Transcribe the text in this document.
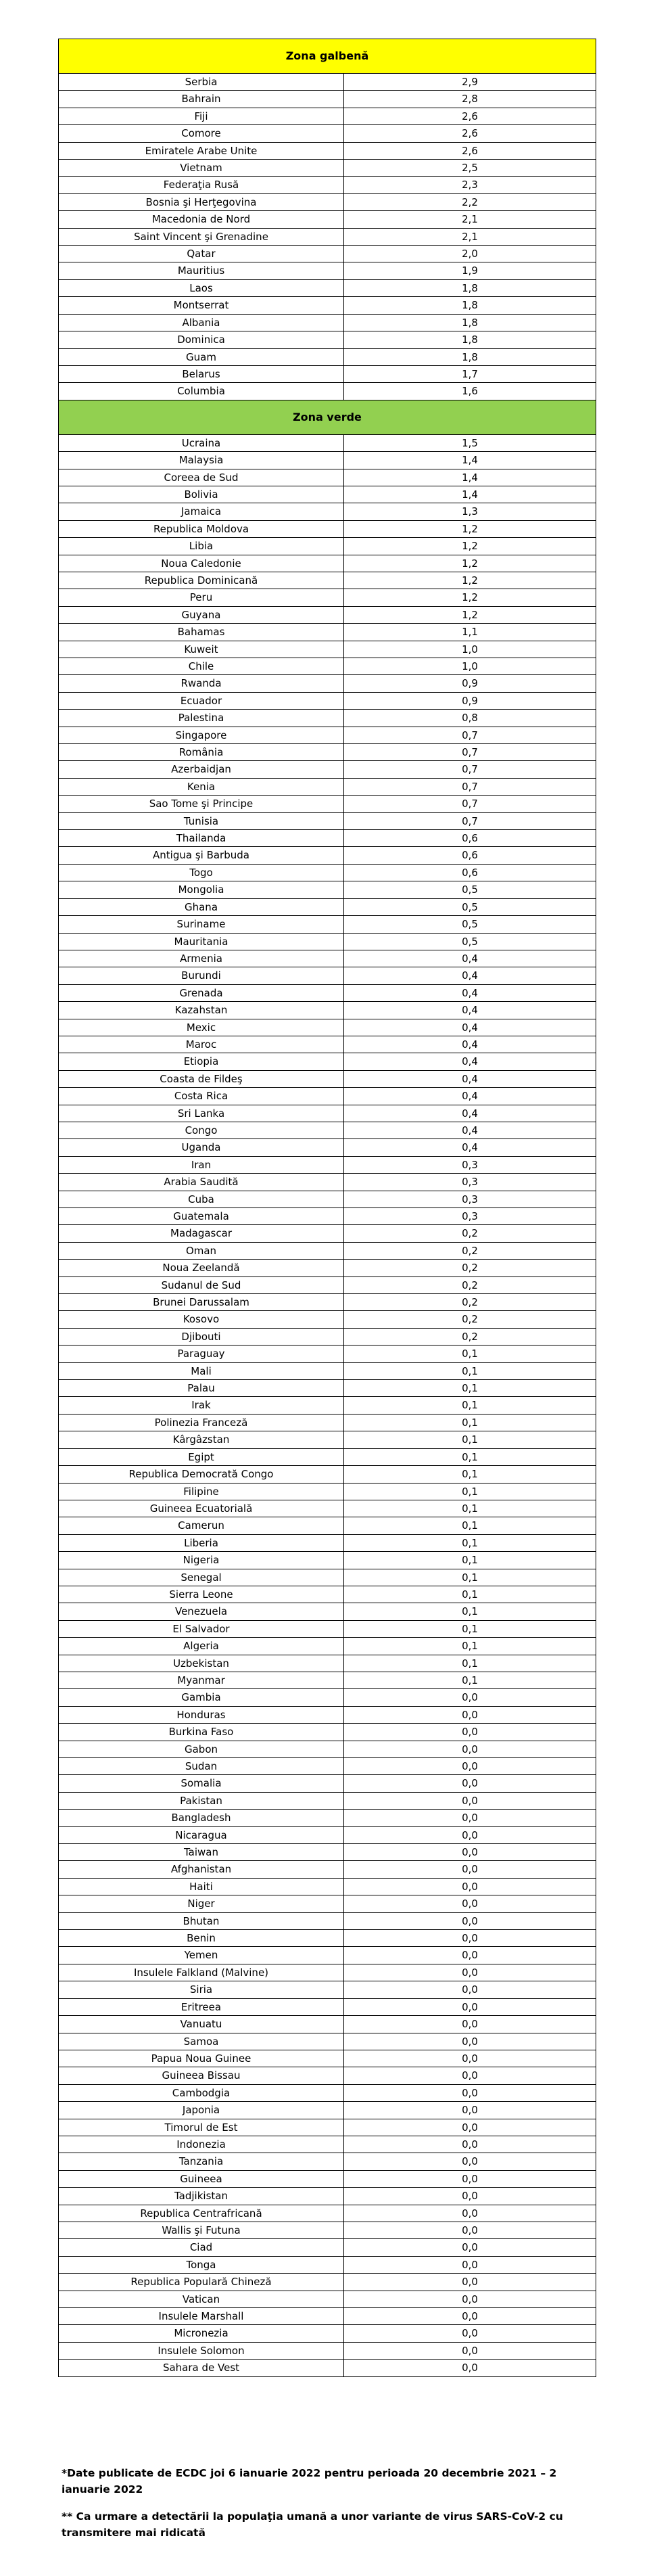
Zona galbenă	
Serbia	2,9
Bahrain	2,8
Fiji	2,6
Comore	2,6
Emiratele Arabe Unite	2,6
Vietnam	2,5
Federaţia Rusă	2,3
Bosnia şi Herţegovina	2,2
Macedonia de Nord	2,1
Saint Vincent şi Grenadine	2,1
Qatar	2,0
Mauritius	1,9
Laos	1,8
Montserrat	1,8
Albania	1,8
Dominica	1,8
Guam	1,8
Belarus	1,7
Columbia	1,6
Zona verde	
Ucraina	1,5
Malaysia	1,4
Coreea de Sud	1,4
Bolivia	1,4
Jamaica	1,3
Republica Moldova	1,2
Libia	1,2
Noua Caledonie	1,2
Republica Dominicană	1,2
Peru	1,2
Guyana	1,2
Bahamas	1,1
Kuweit	1,0
Chile	1,0
Rwanda	0,9
Ecuador	0,9
Palestina	0,8
Singapore	0,7
România	0,7
Azerbaidjan	0,7
Kenia	0,7
Sao Tome şi Principe	0,7
Tunisia	0,7
Thailanda	0,6
Antigua şi Barbuda	0,6
Togo	0,6
Mongolia	0,5
Ghana	0,5
Suriname	0,5
Mauritania	0,5
Armenia	0,4
Burundi	0,4
Grenada	0,4
Kazahstan	0,4
Mexic	0,4
Maroc	0,4
Etiopia	0,4
Coasta de Fildeş	0,4
Costa Rica	0,4
Sri Lanka	0,4
Congo	0,4
Uganda	0,4
Iran	0,3
Arabia Saudită	0,3
Cuba	0,3
Guatemala	0,3
Madagascar	0,2
Oman	0,2
Noua Zeelandă	0,2
Sudanul de Sud	0,2
Brunei Darussalam	0,2
Kosovo	0,2
Djibouti	0,2
Paraguay	0,1
Mali	0,1
Palau	0,1
Irak	0,1
Polinezia Franceză	0,1
Kârgâzstan	0,1
Egipt	0,1
Republica Democrată Congo	0,1
Filipine	0,1
Guineea Ecuatorială	0,1
Camerun	0,1
Liberia	0,1
Nigeria	0,1
Senegal	0,1
Sierra Leone	0,1
Venezuela	0,1
El Salvador	0,1
Algeria	0,1
Uzbekistan	0,1
Myanmar	0,1
Gambia	0,0
Honduras	0,0
Burkina Faso	0,0
Gabon	0,0
Sudan	0,0
Somalia	0,0
Pakistan	0,0
Bangladesh	0,0
Nicaragua	0,0
Taiwan	0,0
Afghanistan	0,0
Haiti	0,0
Niger	0,0
Bhutan	0,0
Benin	0,0
Yemen	0,0
Insulele Falkland (Malvine)	0,0
Siria	0,0
Eritreea	0,0
Vanuatu	0,0
Samoa	0,0
Papua Noua Guinee	0,0
Guineea Bissau	0,0
Cambodgia	0,0
Japonia	0,0
Timorul de Est	0,0
Indonezia	0,0
Tanzania	0,0
Guineea	0,0
Tadjikistan	0,0
Republica Centrafricană	0,0
Wallis şi Futuna	0,0
Ciad	0,0
Tonga	0,0
Republica Populară Chineză	0,0
Vatican	0,0
Insulele Marshall	0,0
Micronezia	0,0
Insulele Solomon	0,0
Sahara de Vest	0,0
*Date publicate de ECDC joi 6 ianuarie 2022 pentru perioada 20 decembrie 2021 – 2 ianuarie 2022
** Ca urmare a detectării la populaţia umană a unor variante de virus SARS-CoV-2 cu transmitere mai ridicată
